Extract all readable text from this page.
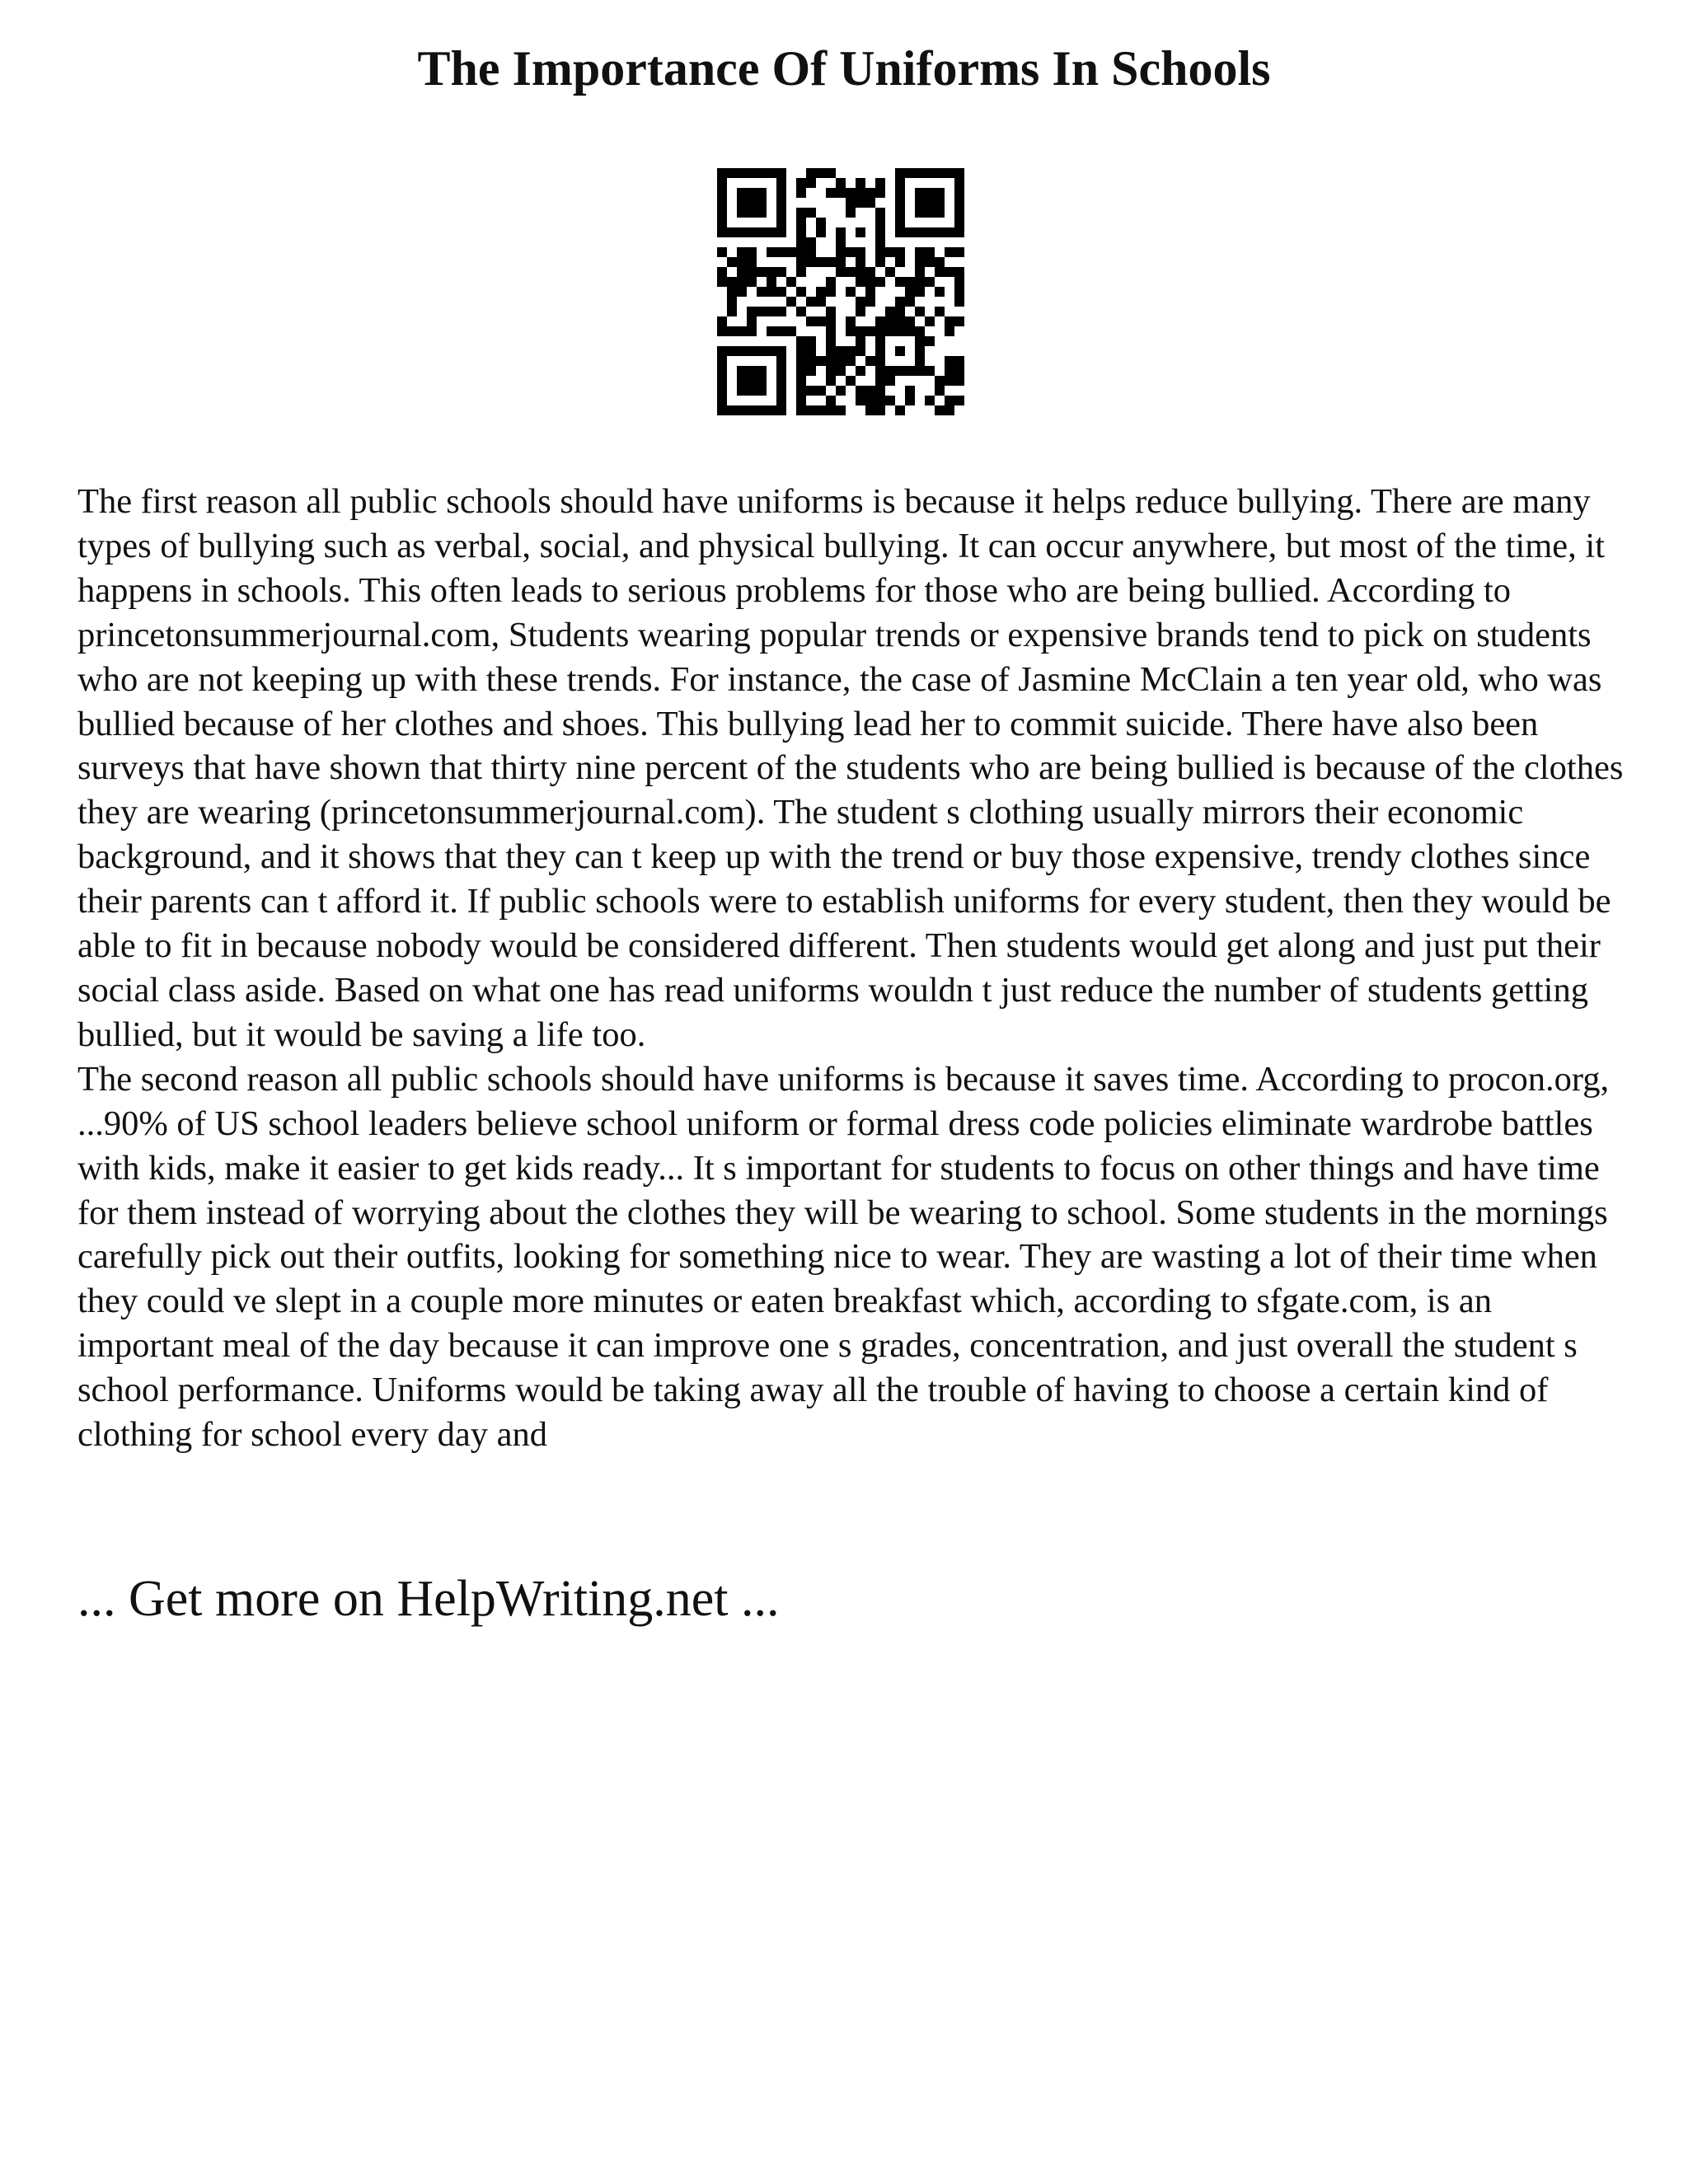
The Importance Of Uniforms In Schools

The first reason all public schools should have uniforms is because it helps reduce bullying. There are many types of bullying such as verbal, social, and physical bullying. It can occur anywhere, but most of the time, it happens in schools. This often leads to serious problems for those who are being bullied. According to princetonsummerjournal.com, Students wearing popular trends or expensive brands tend to pick on students who are not keeping up with these trends. For instance, the case of Jasmine McClain a ten year old, who was bullied because of her clothes and shoes. This bullying lead her to commit suicide. There have also been surveys that have shown that thirty nine percent of the students who are being bullied is because of the clothes they are wearing (princetonsummerjournal.com). The student s clothing usually mirrors their economic background, and it shows that they can t keep up with the trend or buy those expensive, trendy clothes since their parents can t afford it. If public schools were to establish uniforms for every student, then they would be able to fit in because nobody would be considered different. Then students would get along and just put their social class aside. Based on what one has read uniforms wouldn t just reduce the number of students getting bullied, but it would be saving a life too.

The second reason all public schools should have uniforms is because it saves time. According to procon.org, ...90% of US school leaders believe school uniform or formal dress code policies eliminate wardrobe battles with kids, make it easier to get kids ready... It s important for students to focus on other things and have time for them instead of worrying about the clothes they will be wearing to school. Some students in the mornings carefully pick out their outfits, looking for something nice to wear. They are wasting a lot of their time when they could ve slept in a couple more minutes or eaten breakfast which, according to sfgate.com, is an important meal of the day because it can improve one s grades, concentration, and just overall the student s school performance. Uniforms would be taking away all the trouble of having to choose a certain kind of clothing for school every day and

... Get more on HelpWriting.net ...
